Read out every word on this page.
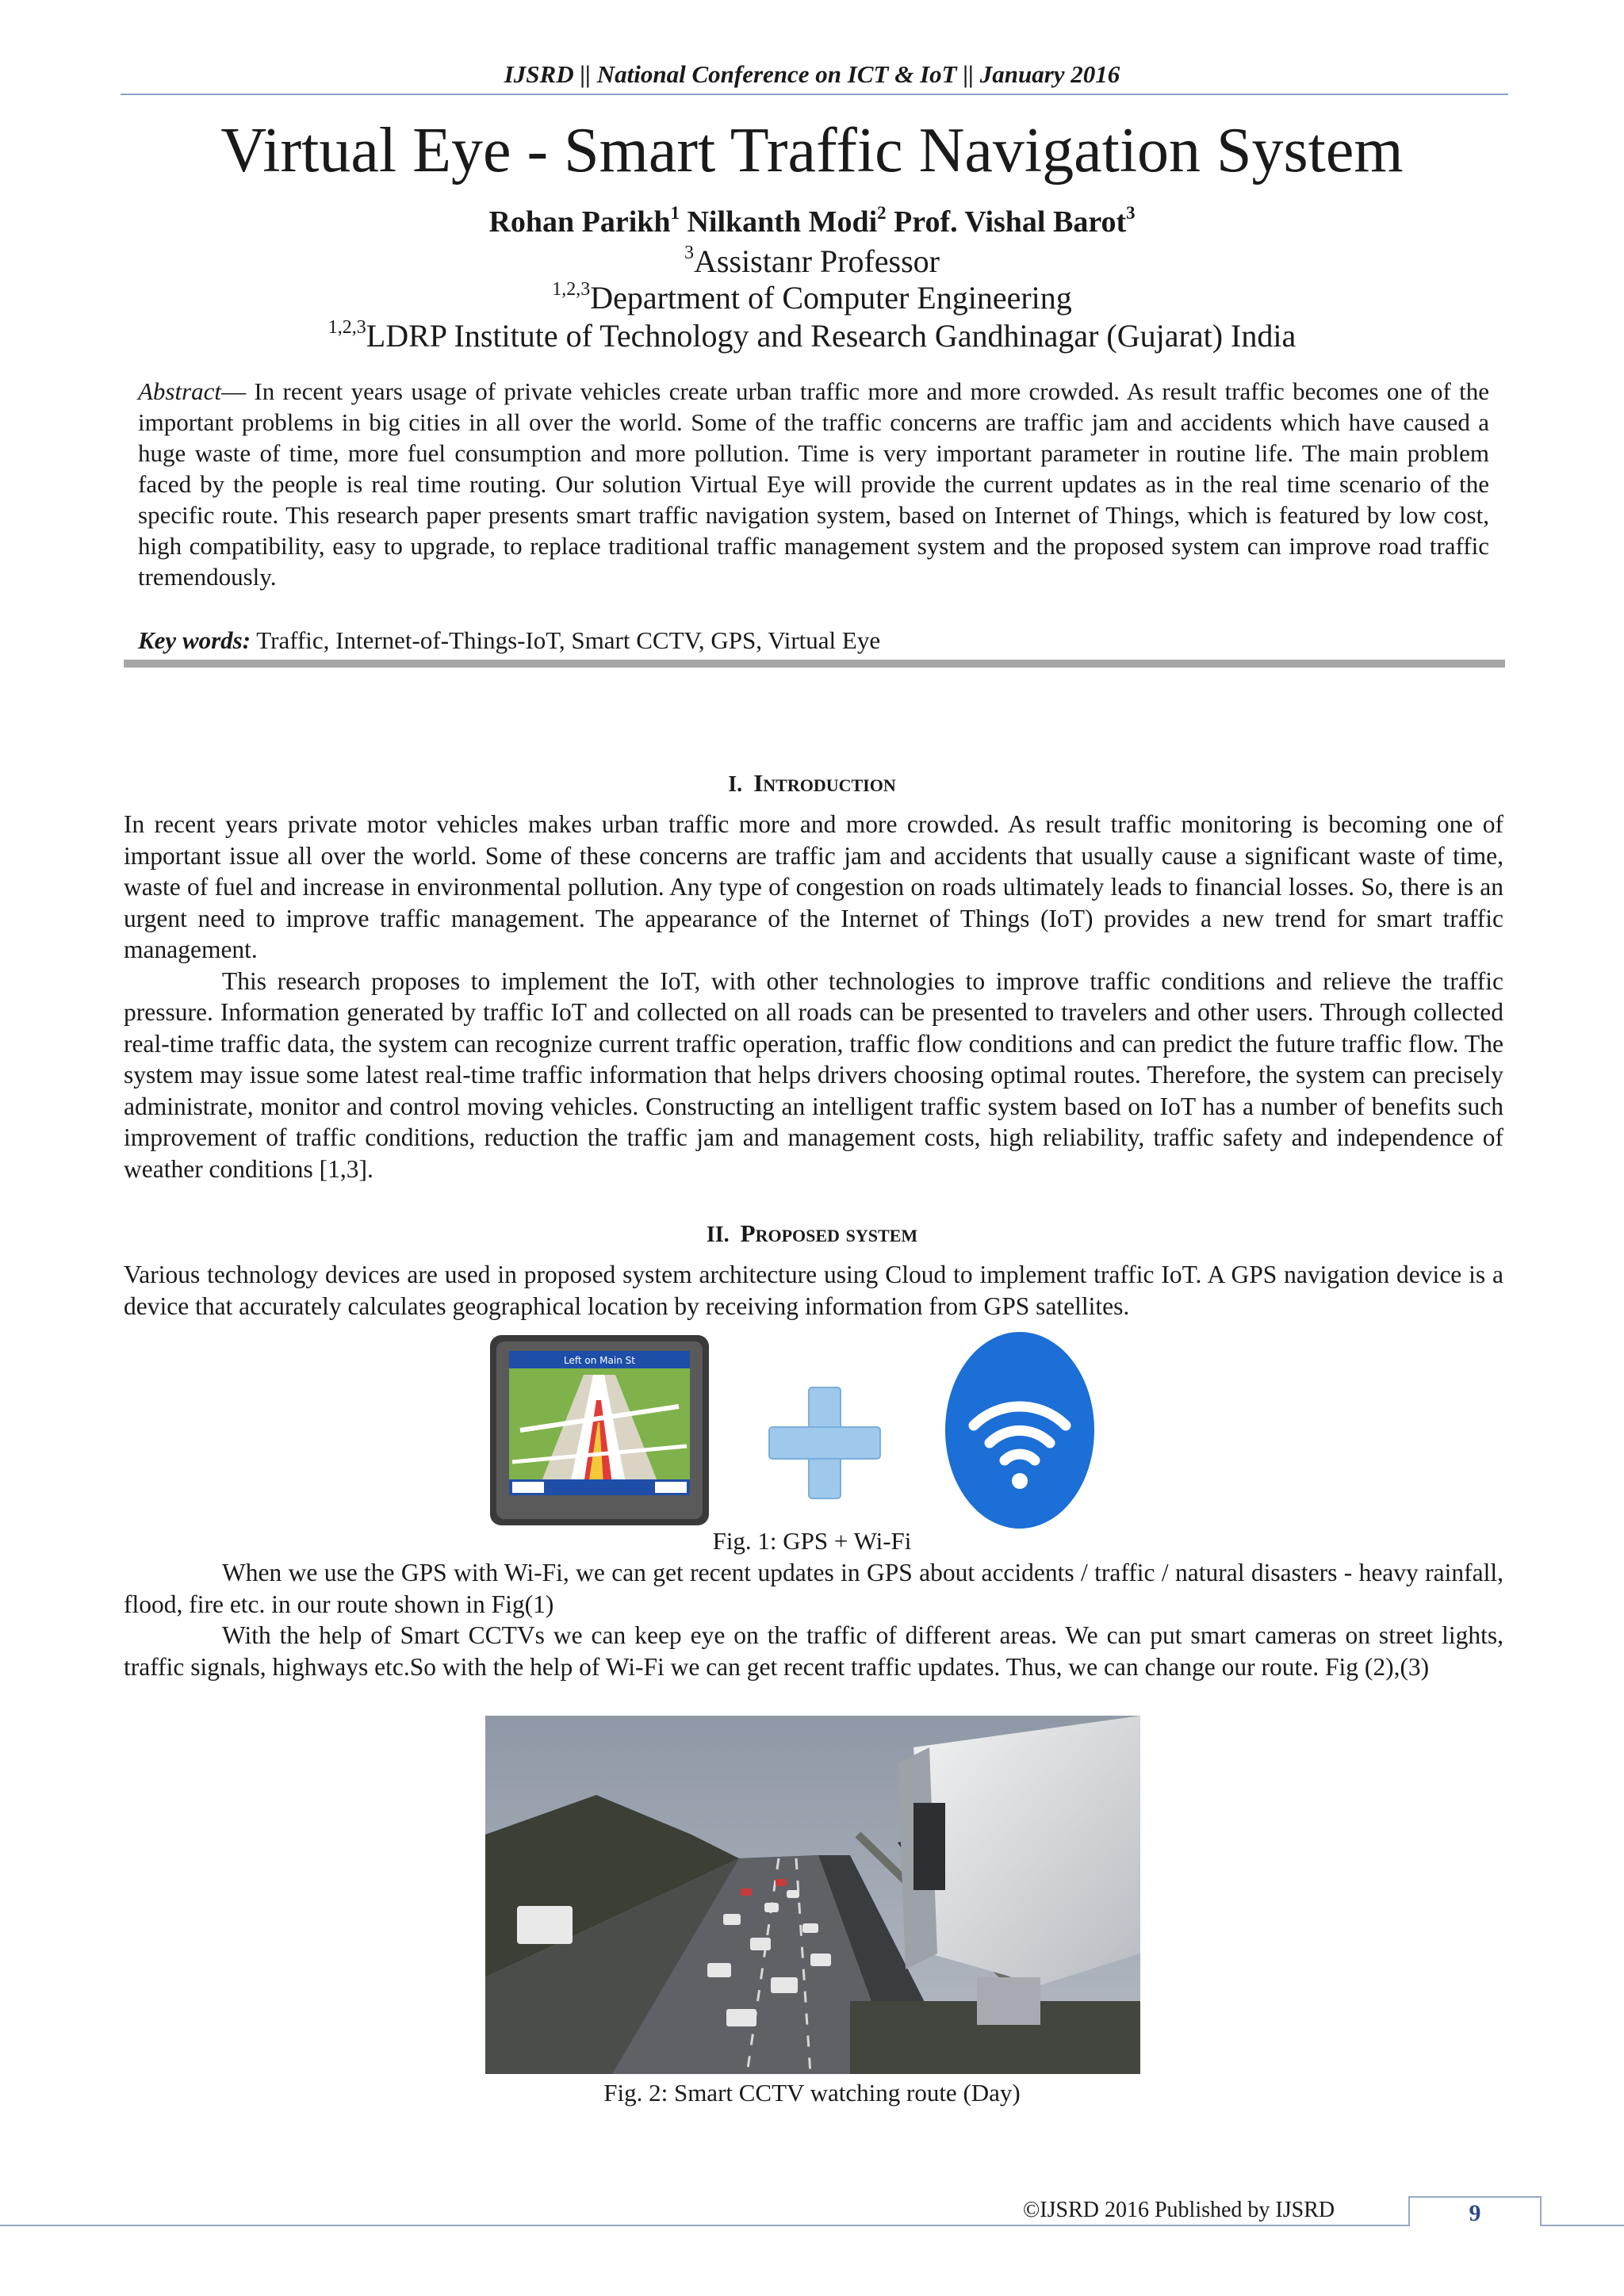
IJSRD || National Conference on ICT & IoT || January 2016
Virtual Eye - Smart Traffic Navigation System
Rohan Parikh$^1$ Nilkanth Modi$^2$ Prof. Vishal Barot$^3$
$^3$Assistanr Professor
$^{1,2,3}$Department of Computer Engineering
$^{1,2,3}$LDRP Institute of Technology and Research Gandhinagar (Gujarat) India
Abstract— In recent years usage of private vehicles create urban traffic more and more crowded. As result traffic becomes one of the important problems in big cities in all over the world. Some of the traffic concerns are traffic jam and accidents which have caused a huge waste of time, more fuel consumption and more pollution. Time is very important parameter in routine life. The main problem faced by the people is real time routing. Our solution Virtual Eye will provide the current updates as in the real time scenario of the specific route. This research paper presents smart traffic navigation system, based on Internet of Things, which is featured by low cost, high compatibility, easy to upgrade, to replace traditional traffic management system and the proposed system can improve road traffic tremendously.
Key words: Traffic, Internet-of-Things-IoT, Smart CCTV, GPS, Virtual Eye
I. Introduction

In recent years private motor vehicles makes urban traffic more and more crowded. As result traffic monitoring is becoming one of important issue all over the world. Some of these concerns are traffic jam and accidents that usually cause a significant waste of time, waste of fuel and increase in environmental pollution. Any type of congestion on roads ultimately leads to financial losses. So, there is an urgent need to improve traffic management. The appearance of the Internet of Things (IoT) provides a new trend for smart traffic management.

This research proposes to implement the IoT, with other technologies to improve traffic conditions and relieve the traffic pressure. Information generated by traffic IoT and collected on all roads can be presented to travelers and other users. Through collected real-time traffic data, the system can recognize current traffic operation, traffic flow conditions and can predict the future traffic flow. The system may issue some latest real-time traffic information that helps drivers choosing optimal routes. Therefore, the system can precisely administrate, monitor and control moving vehicles. Constructing an intelligent traffic system based on IoT has a number of benefits such improvement of traffic conditions, reduction the traffic jam and management costs, high reliability, traffic safety and independence of weather conditions [1,3].

II. Proposed system

Various technology devices are used in proposed system architecture using Cloud to implement traffic IoT. A GPS navigation device is a device that accurately calculates geographical location by receiving information from GPS satellites.

Left on Main St
Fig. 1: GPS + Wi-Fi

When we use the GPS with Wi-Fi, we can get recent updates in GPS about accidents / traffic / natural disasters - heavy rainfall, flood, fire etc. in our route shown in Fig(1)

With the help of Smart CCTVs we can keep eye on the traffic of different areas. We can put smart cameras on street lights, traffic signals, highways etc.So with the help of Wi-Fi we can get recent traffic updates. Thus, we can change our route. Fig (2),(3)

Fig. 2: Smart CCTV watching route (Day)
©IJSRD 2016 Published by IJSRD	9
